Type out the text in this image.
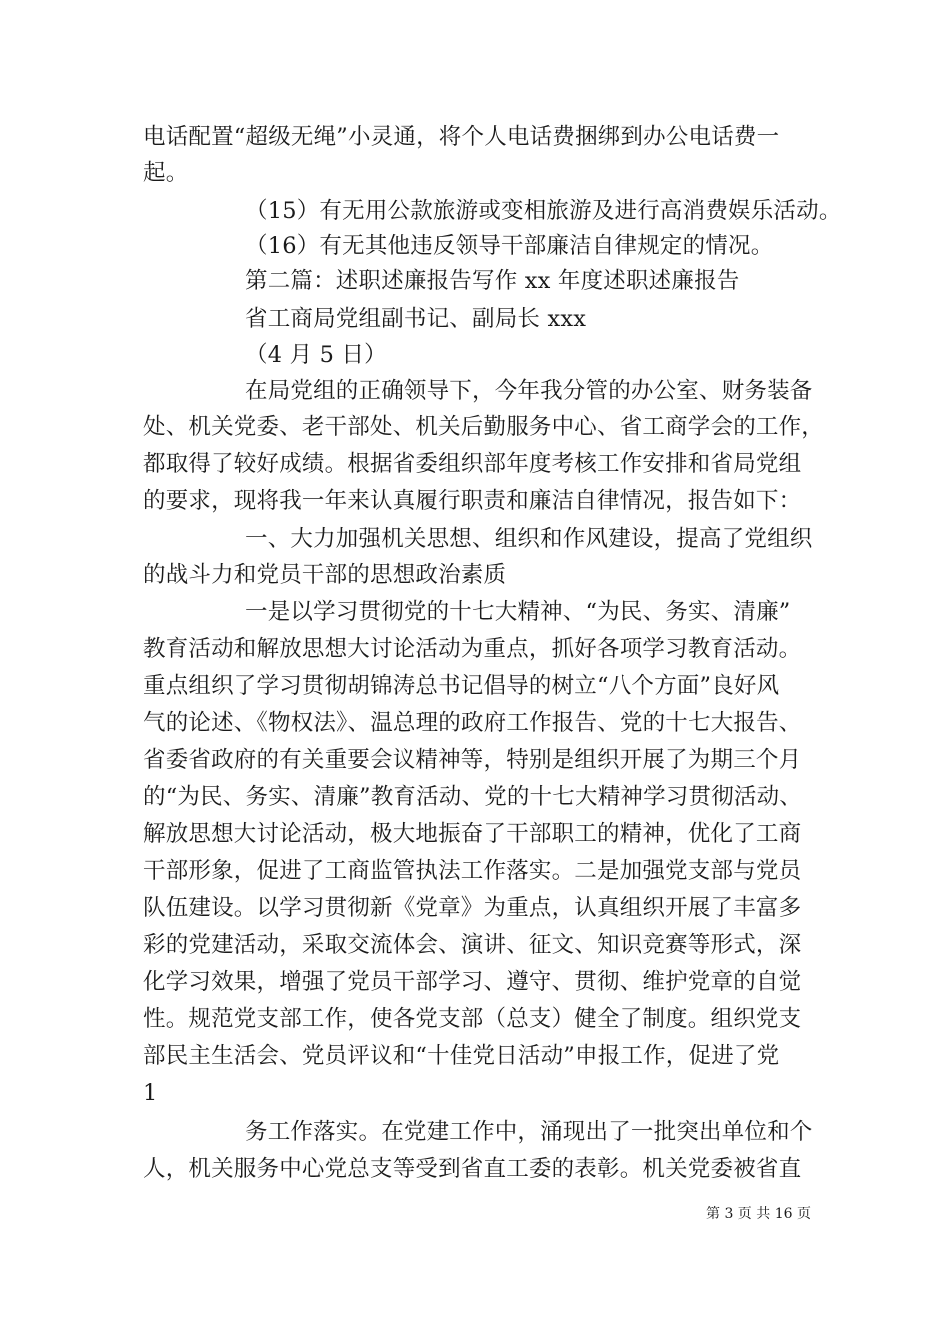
电话配置“超级无绳”小灵通，将个人电话费捆绑到办公电话费一
起。
（15）有无用公款旅游或变相旅游及进行高消费娱乐活动。
（16）有无其他违反领导干部廉洁自律规定的情况。
第二篇：述职述廉报告写作 xx 年度述职述廉报告
省工商局党组副书记、副局长 xxx
（4 月 5 日）
在局党组的正确领导下，今年我分管的办公室、财务装备
处、机关党委、老干部处、机关后勤服务中心、省工商学会的工作，
都取得了较好成绩。根据省委组织部年度考核工作安排和省局党组
的要求，现将我一年来认真履行职责和廉洁自律情况，报告如下：
一、大力加强机关思想、组织和作风建设，提高了党组织
的战斗力和党员干部的思想政治素质
一是以学习贯彻党的十七大精神、“为民、务实、清廉”
教育活动和解放思想大讨论活动为重点，抓好各项学习教育活动。
重点组织了学习贯彻胡锦涛总书记倡导的树立“八个方面”良好风
气的论述、《物权法》、温总理的政府工作报告、党的十七大报告、
省委省政府的有关重要会议精神等，特别是组织开展了为期三个月
的“为民、务实、清廉”教育活动、党的十七大精神学习贯彻活动、
解放思想大讨论活动，极大地振奋了干部职工的精神，优化了工商
干部形象，促进了工商监管执法工作落实。二是加强党支部与党员
队伍建设。以学习贯彻新《党章》为重点，认真组织开展了丰富多
彩的党建活动，采取交流体会、演讲、征文、知识竞赛等形式，深
化学习效果，增强了党员干部学习、遵守、贯彻、维护党章的自觉
性。规范党支部工作，使各党支部（总支）健全了制度。组织党支
部民主生活会、党员评议和“十佳党日活动”申报工作，促进了党
1
务工作落实。在党建工作中，涌现出了一批突出单位和个
人，机关服务中心党总支等受到省直工委的表彰。机关党委被省直
第 3 页 共 16 页
